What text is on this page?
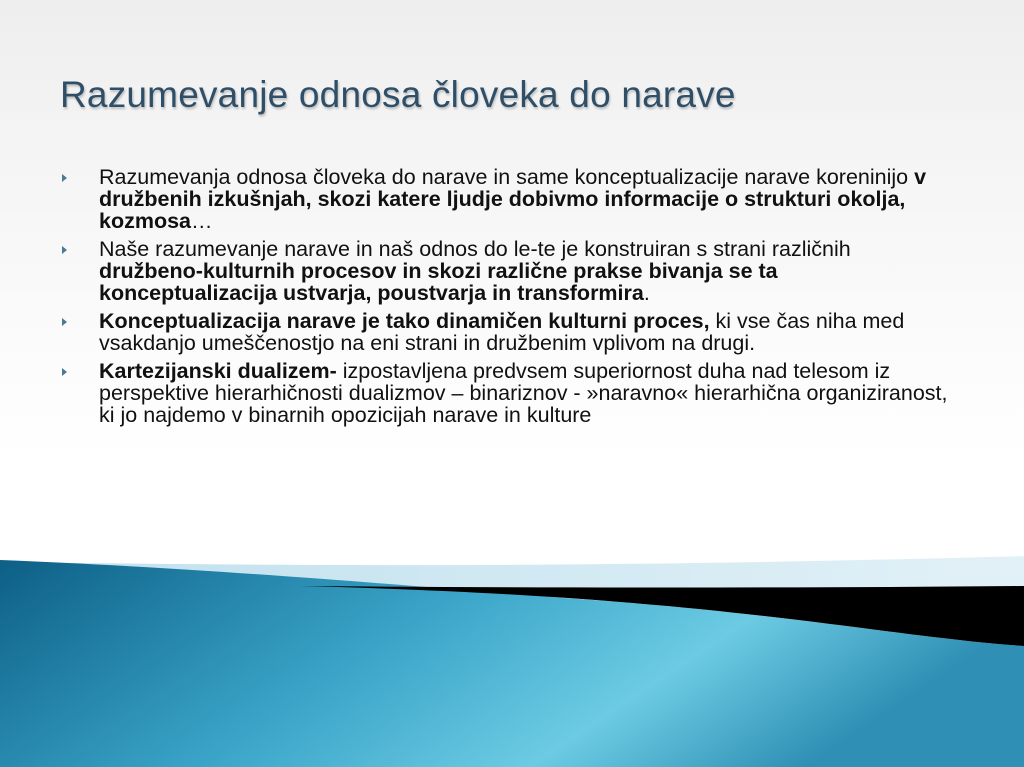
Razumevanje odnosa človeka do narave
Razumevanja odnosa človeka do narave in same konceptualizacije narave koreninijo v družbenih izkušnjah, skozi katere ljudje dobivmo informacije o strukturi okolja, kozmosa…
Naše razumevanje narave in naš odnos do le-te je konstruiran s strani različnih družbeno-kulturnih procesov in skozi različne prakse bivanja se ta konceptualizacija ustvarja, poustvarja in transformira.
Konceptualizacija narave je tako dinamičen kulturni proces, ki vse čas niha med vsakdanjo umeščenostjo na eni strani in družbenim vplivom na drugi.
Kartezijanski dualizem- izpostavljena predvsem superiornost duha nad telesom iz perspektive hierarhičnosti dualizmov – binariznov - »naravno« hierarhična organiziranost, ki jo najdemo v binarnih opozicijah narave in kulture
